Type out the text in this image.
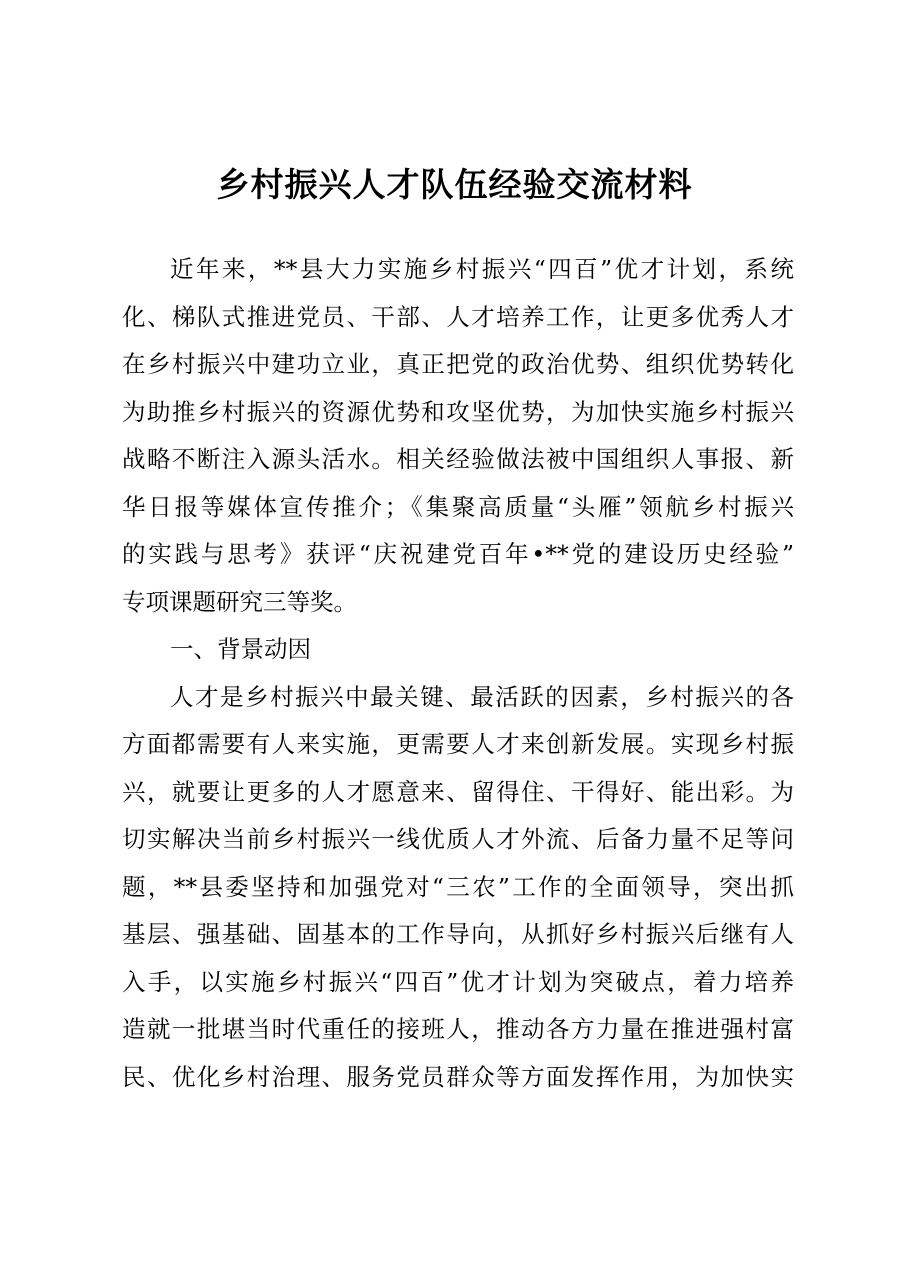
乡村振兴人才队伍经验交流材料
近年来，**县大力实施乡村振兴“四百”优才计划，系统
化、梯队式推进党员、干部、人才培养工作，让更多优秀人才
在乡村振兴中建功立业，真正把党的政治优势、组织优势转化
为助推乡村振兴的资源优势和攻坚优势，为加快实施乡村振兴
战略不断注入源头活水。相关经验做法被中国组织人事报、新
华日报等媒体宣传推介；《集聚高质量“头雁”领航乡村振兴
的实践与思考》获评“庆祝建党百年•**党的建设历史经验”
专项课题研究三等奖。
一、背景动因
人才是乡村振兴中最关键、最活跃的因素，乡村振兴的各
方面都需要有人来实施，更需要人才来创新发展。实现乡村振
兴，就要让更多的人才愿意来、留得住、干得好、能出彩。为
切实解决当前乡村振兴一线优质人才外流、后备力量不足等问
题，**县委坚持和加强党对“三农”工作的全面领导，突出抓
基层、强基础、固基本的工作导向，从抓好乡村振兴后继有人
入手，以实施乡村振兴“四百”优才计划为突破点，着力培养
造就一批堪当时代重任的接班人，推动各方力量在推进强村富
民、优化乡村治理、服务党员群众等方面发挥作用，为加快实
